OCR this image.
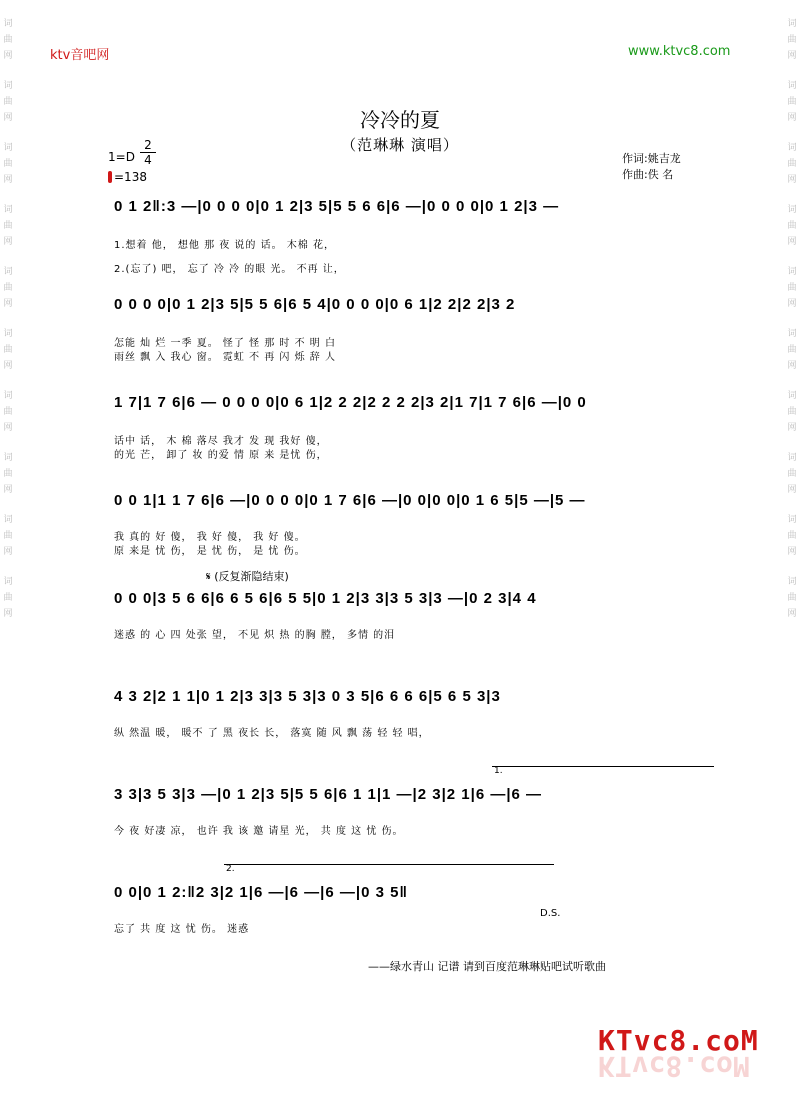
词
曲
网
词
曲
网
词
曲
网
词
曲
网
词
曲
网
词
曲
网
词
曲
网
词
曲
网
词
曲
网
词
曲
网
词
曲
网
词
曲
网
词
曲
网
词
曲
网
词
曲
网
词
曲
网
词
曲
网
词
曲
网
词
曲
网
词
曲
网
ktv音吧网	www.ktvc8.com
冷冷的夏
（范琳琳 演唱）
1=D
2
4
=138
作词:姚吉龙
作曲:佚 名
0 1 2‖:3 —|0 0 0 0|0 1 2|3 5|5 5 6 6|6 —|0 0 0 0|0 1 2|3 —
1.想着 他， 想他 那 夜 说的 话。 木棉 花，
2.(忘了) 吧， 忘了 冷 冷 的眼 光。 不再 让，
0 0 0 0|0 1 2|3 5|5 5 6|6 5 4|0 0 0 0|0 6 1|2 2|2 2|3 2
怎能 灿 烂 一季 夏。 怪了 怪 那 时 不 明 白
雨丝 飘 入 我心 窗。 霓虹 不 再 闪 烁 辞 人
1 7|1 7 6|6 — 0 0 0 0|0 6 1|2 2 2|2 2 2 2|3 2|1 7|1 7 6|6 —|0 0
话中 话， 木 棉 落尽 我才 发 现 我好 傻，
的光 芒， 卸了 妆 的爱 情 原 来 是忧 伤，
0 0 1|1 1 7 6|6 —|0 0 0 0|0 1 7 6|6 —|0 0|0 0|0 1 6 5|5 —|5 —
我 真的 好 傻， 我 好 傻， 我 好 傻。
原 来是 忧 伤， 是 忧 伤， 是 忧 伤。
𝄋 (反复渐隐结束)
0 0 0|3 5 6 6|6 6 5 6|6 5 5|0 1 2|3 3|3 5 3|3 —|0 2 3|4 4
迷惑 的 心 四 处张 望， 不见 炽 热 的胸 膛， 多情 的泪
4 3 2|2 1 1|0 1 2|3 3|3 5 3|3 0 3 5|6 6 6 6|5 6 5 3|3
纵 然温 暖， 暖不 了 黑 夜长 长， 落寞 随 风 飘 荡 轻 轻 唱，
1.
3 3|3 5 3|3 —|0 1 2|3 5|5 5 6|6 1 1|1 —|2 3|2 1|6 —|6 —
今 夜 好凄 凉， 也许 我 该 邀 请星 光， 共 度 这 忧 伤。
2.
0 0|0 1 2:‖2 3|2 1|6 —|6 —|6 —|0 3 5‖
忘了 共 度 这 忧 伤。 迷惑
D.S.
——绿水青山 记谱 请到百度范琳琳贴吧试听歌曲
KTvc8.coM
KTvc8.coM
